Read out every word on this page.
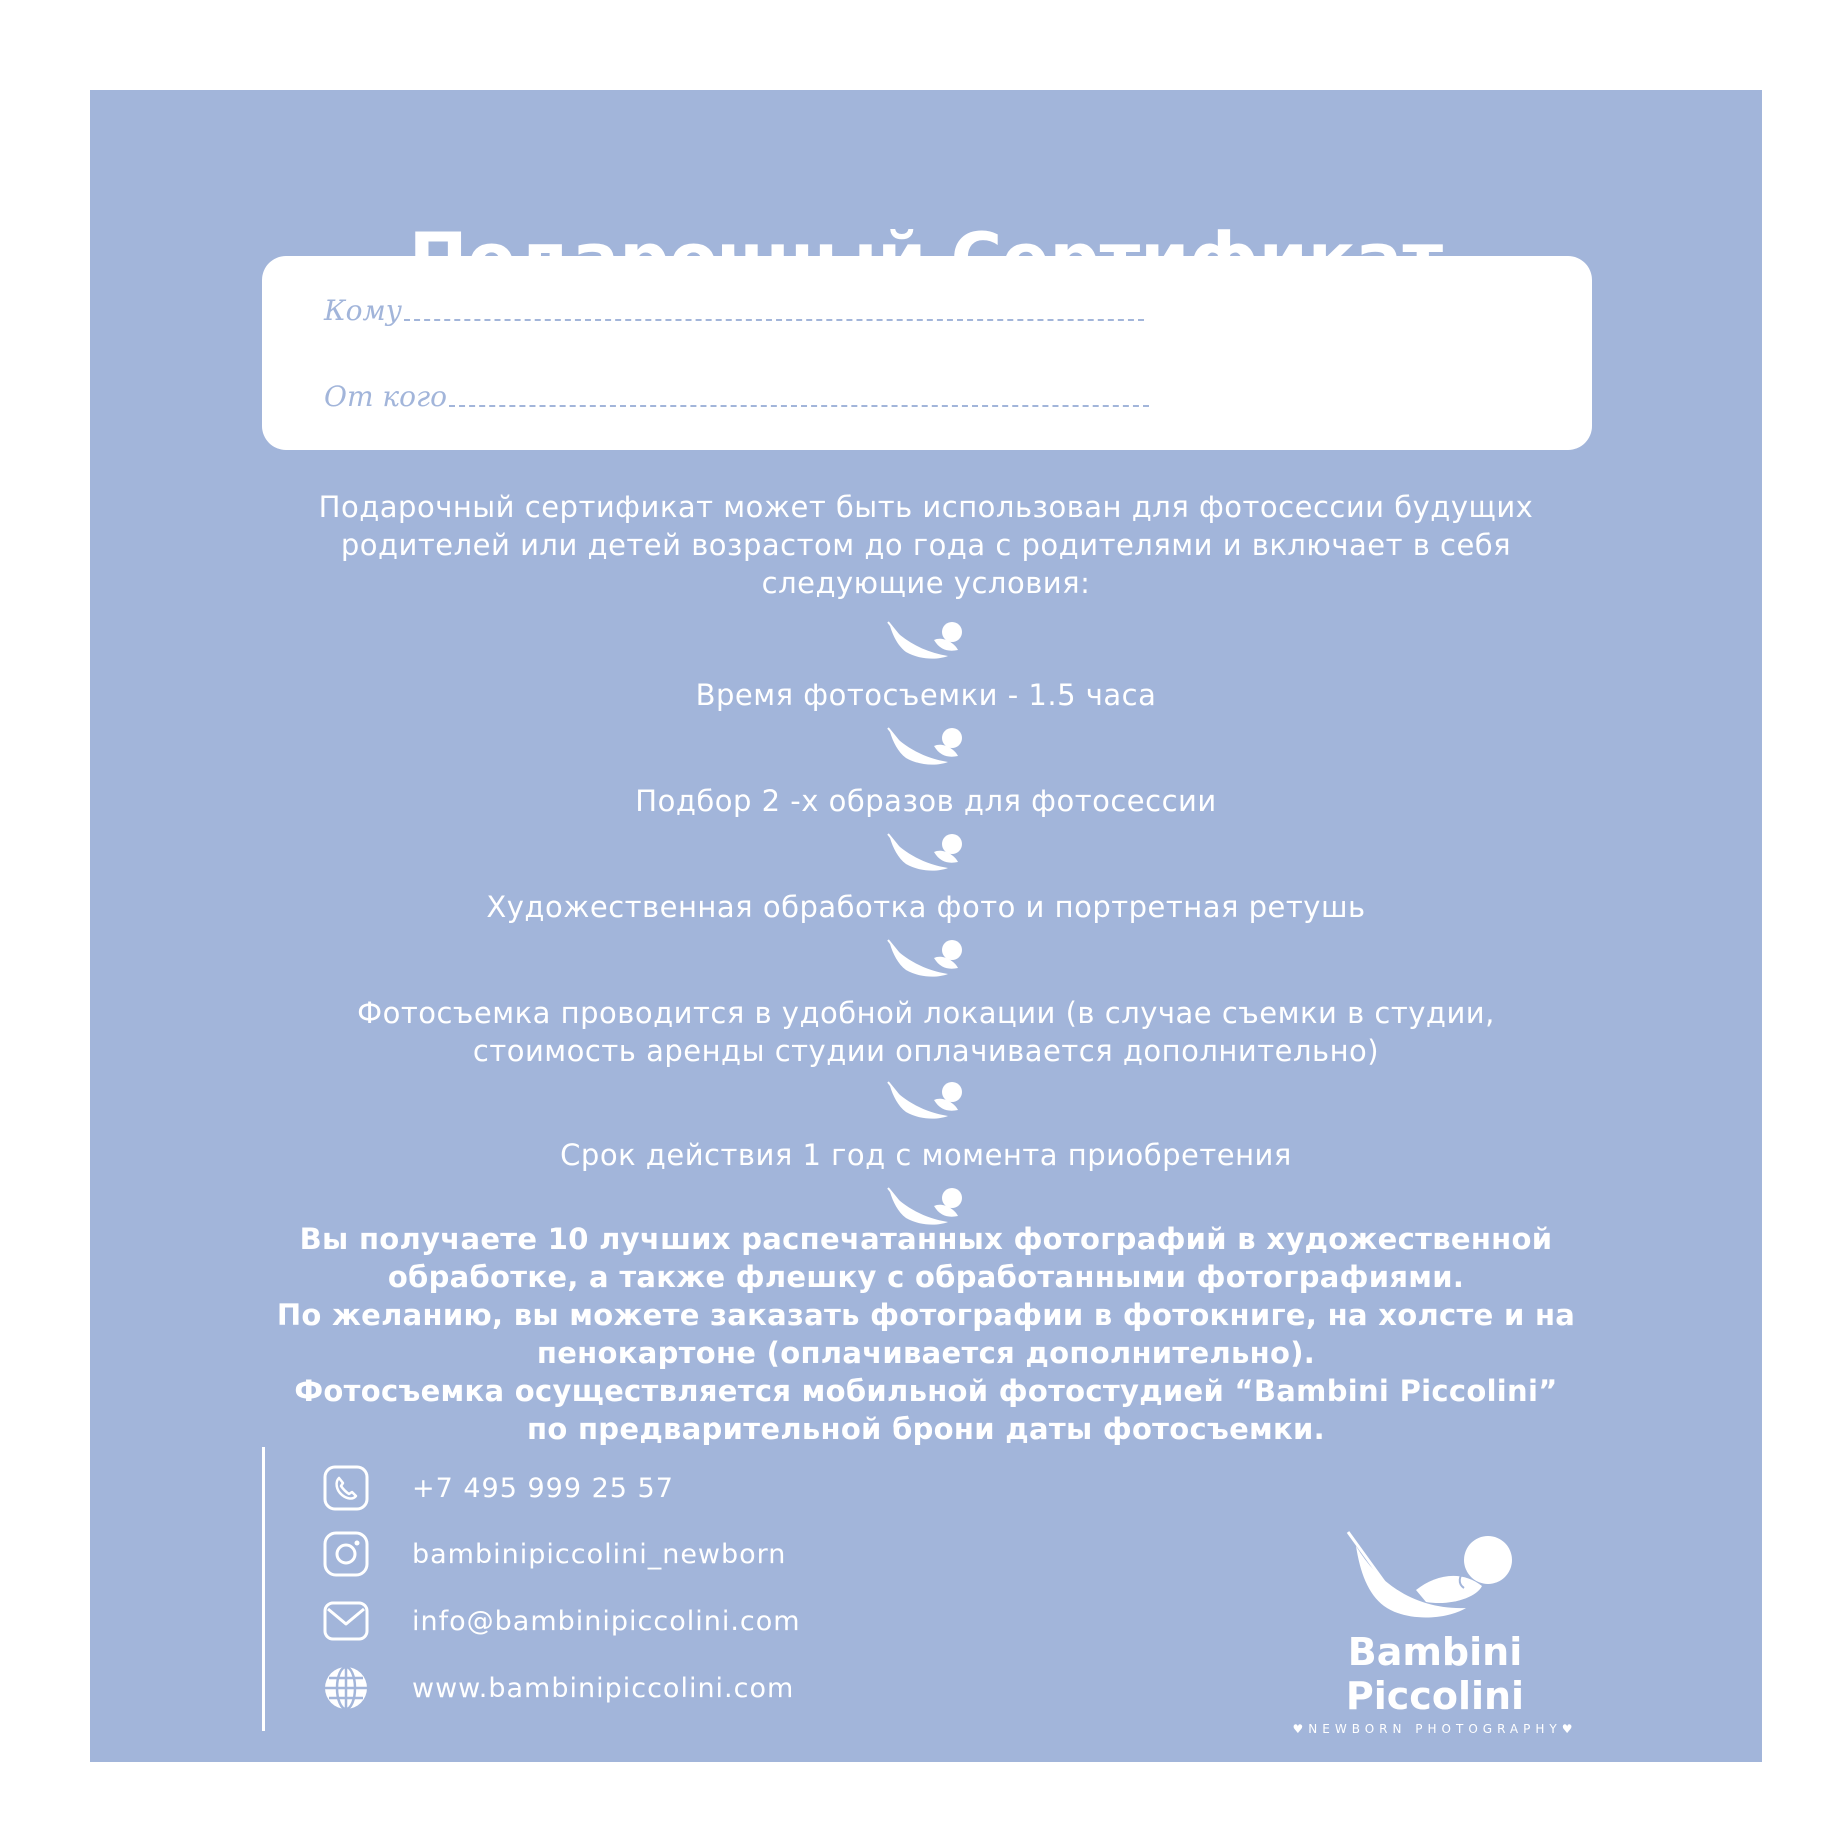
Кому
От кого
Подарочный сертификат может быть использован для фотосессии будущих родителей или детей возрастом до года с родителями и включает в себя следующие условия:
Время фотосъемки - 1.5 часа
Подбор 2 -х образов для фотосессии
Художественная обработка фото и портретная ретушь
Фотосъемка проводится в удобной локации (в случае съемки в студии, стоимость аренды студии оплачивается дополнительно)
Срок действия 1 год с момента приобретения
Вы получаете 10 лучших распечатанных фотографий в художественной
обработке, а также флешку с обработанными фотографиями.
По желанию, вы можете заказать фотографии в фотокниге, на холсте и на
пенокартоне (оплачивается дополнительно).
Фотосъемка осуществляется мобильной фотостудией “Bambini Piccolini”
по предварительной брони даты фотосъемки.
+7 495 999 25 57
bambinipiccolini_newborn
info@bambinipiccolini.com
www.bambinipiccolini.com
Bambini Piccolini
♥NEWBORN PHOTOGRAPHY♥
